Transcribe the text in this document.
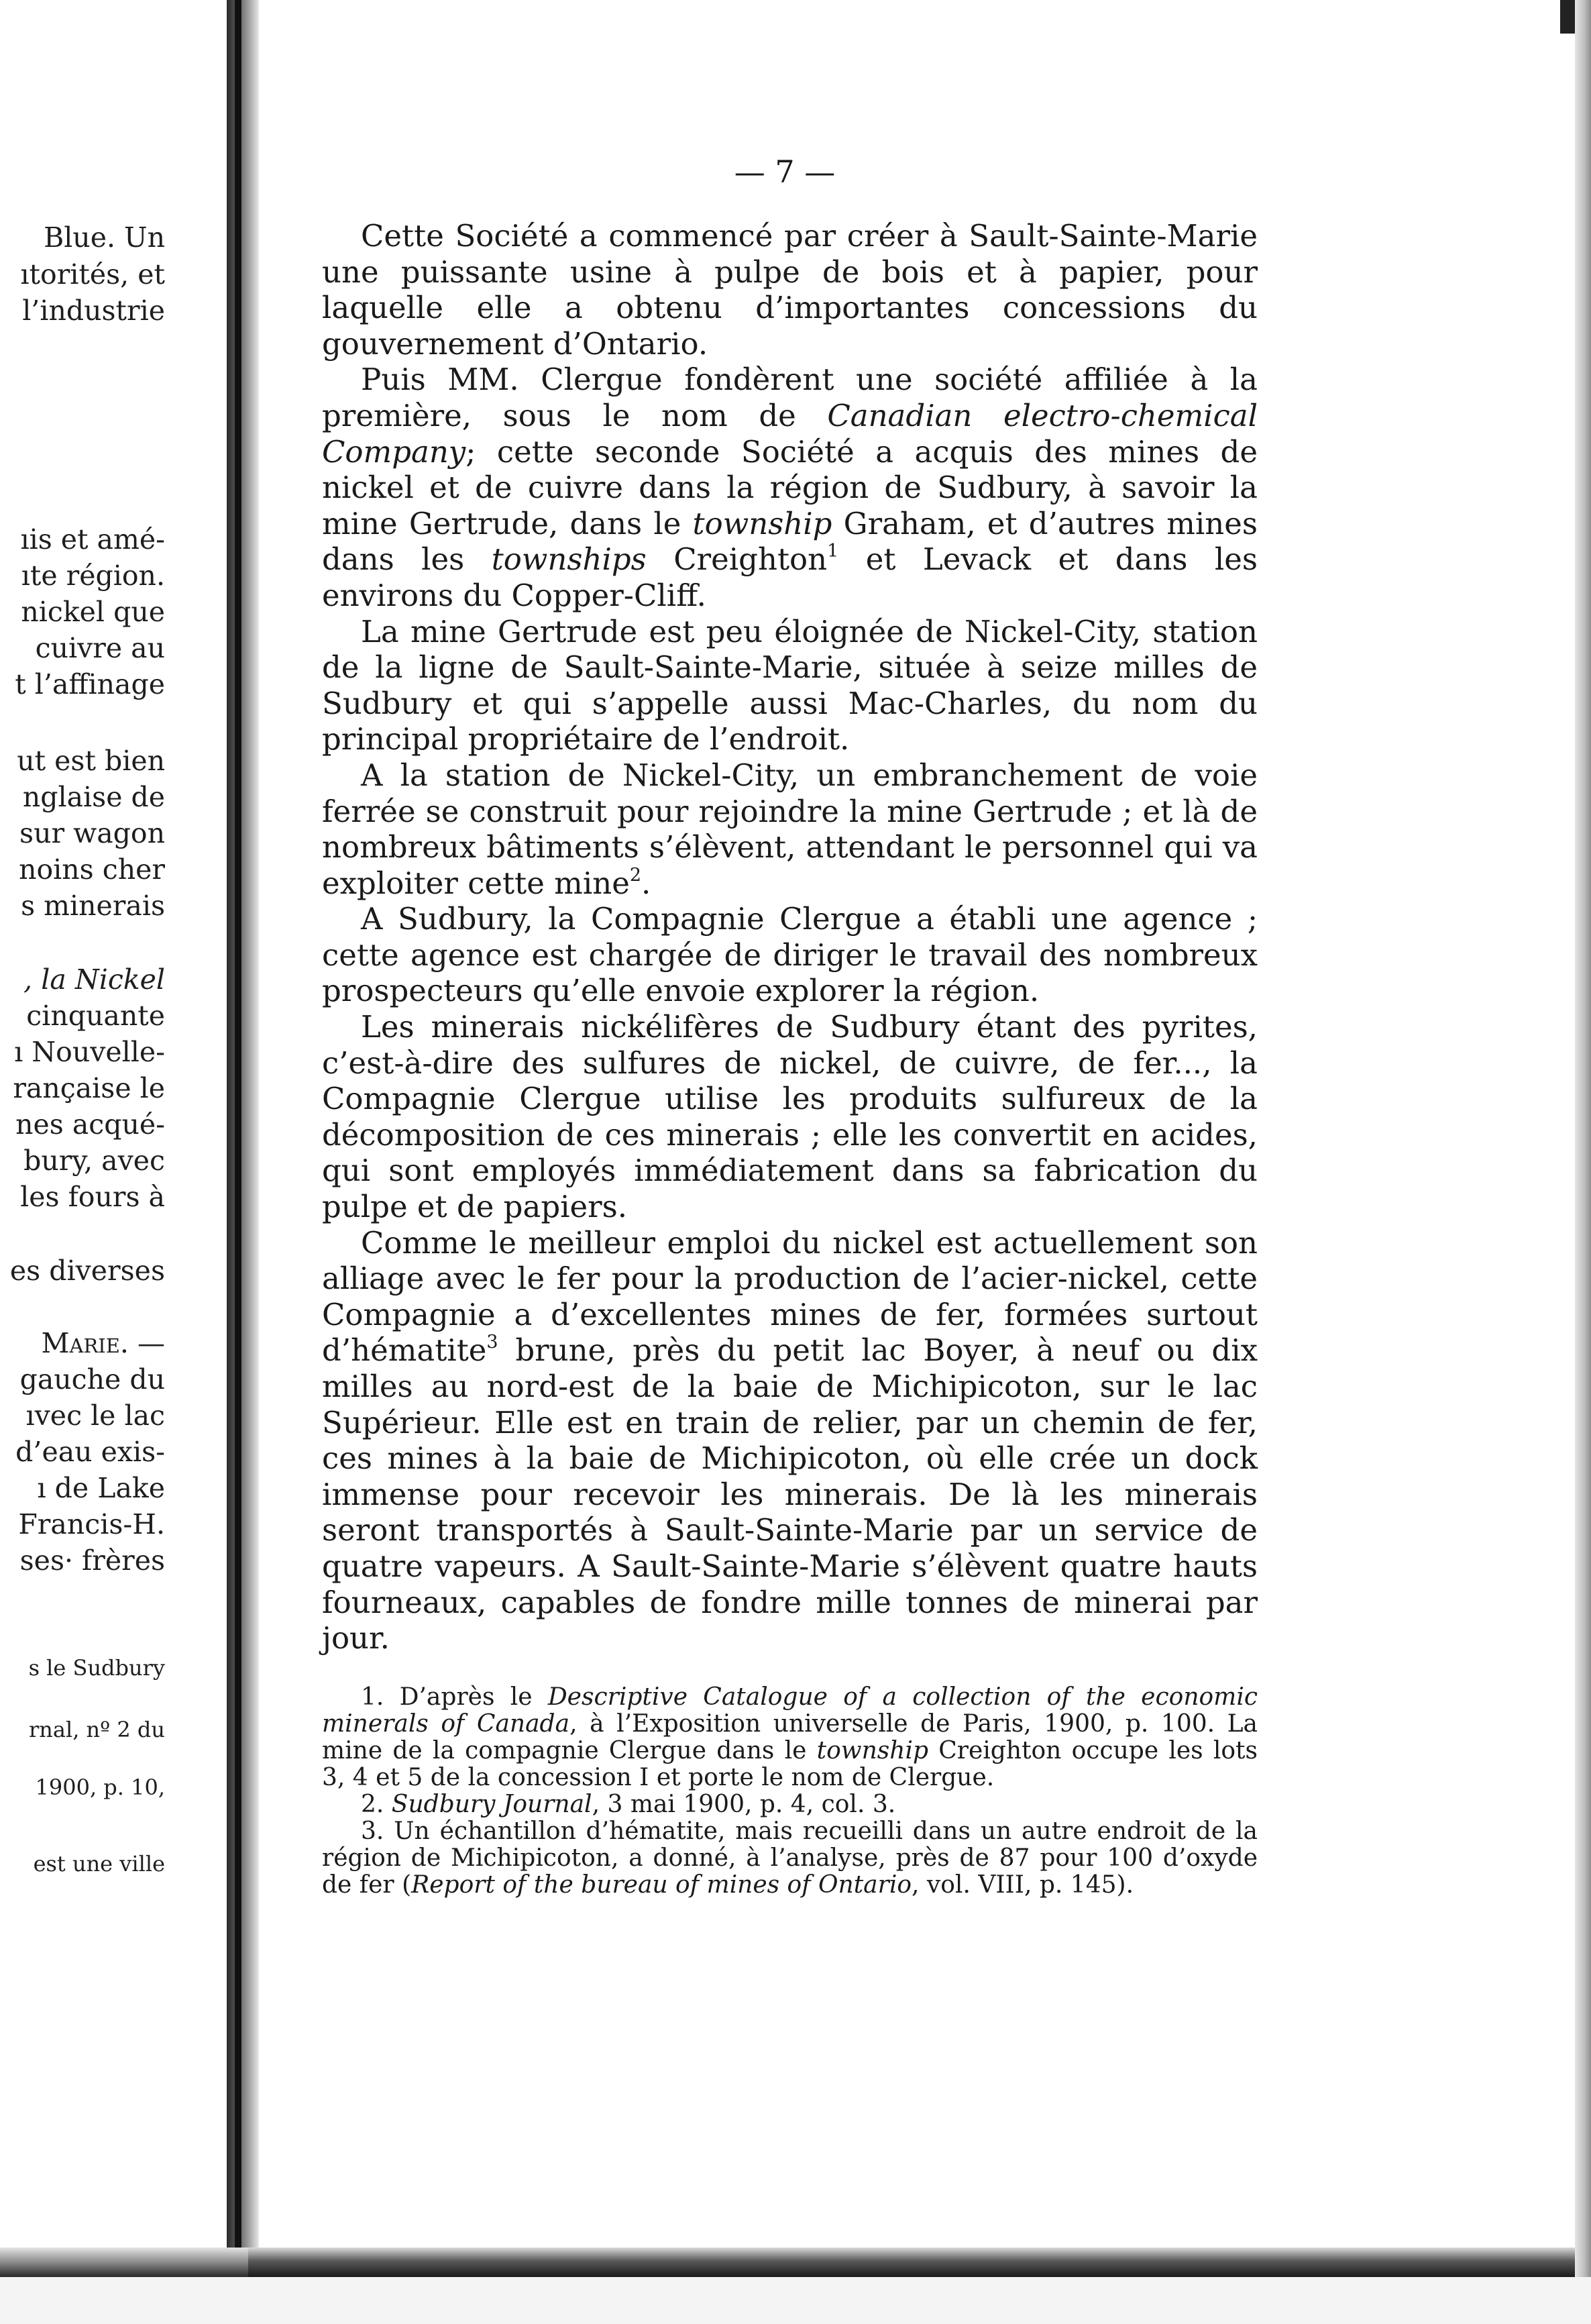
Blue. Un
ıtorités, et
l’industrie
ıis et amé-
ıte région.
nickel que
cuivre au
t l’affinage
ut est bien
nglaise de
sur wagon
noins cher
s minerais
, la Nickel
cinquante
ı Nouvelle-
rançaise le
nes acqué-
bury, avec
les fours à
es diverses
Marie. —
gauche du
ıvec le lac
d’eau exis-
ı de Lake
Francis-H.
ses· frères
s le Sudbury
rnal, nº 2 du
1900, p. 10,
est une ville
— 7 —

Cette Société a commencé par créer à Sault-Sainte-Marie une puissante usine à pulpe de bois et à papier, pour laquelle elle a obtenu d’importantes concessions du gouvernement d’Ontario.

Puis MM. Clergue fondèrent une société affiliée à la première, sous le nom de Canadian electro-chemical Company; cette seconde Société a acquis des mines de nickel et de cuivre dans la région de Sudbury, à savoir la mine Gertrude, dans le township Graham, et d’autres mines dans les townships Creighton$^1$ et Levack et dans les environs du Copper-Cliff.

La mine Gertrude est peu éloignée de Nickel-City, station de la ligne de Sault-Sainte-Marie, située à seize milles de Sudbury et qui s’appelle aussi Mac-Charles, du nom du principal propriétaire de l’endroit.

A la station de Nickel-City, un embranchement de voie ferrée se construit pour rejoindre la mine Gertrude ; et là de nombreux bâtiments s’élèvent, attendant le personnel qui va exploiter cette mine$^2$.

A Sudbury, la Compagnie Clergue a établi une agence ; cette agence est chargée de diriger le travail des nombreux prospecteurs qu’elle envoie explorer la région.

Les minerais nickélifères de Sudbury étant des pyrites, c’est-à-dire des sulfures de nickel, de cuivre, de fer..., la Compagnie Clergue utilise les produits sulfureux de la décomposition de ces minerais ; elle les convertit en acides, qui sont employés immédiatement dans sa fabrication du pulpe et de papiers.

Comme le meilleur emploi du nickel est actuellement son alliage avec le fer pour la production de l’acier-nickel, cette Compagnie a d’excellentes mines de fer, formées surtout d’hématite$^3$ brune, près du petit lac Boyer, à neuf ou dix milles au nord-est de la baie de Michipicoton, sur le lac Supérieur. Elle est en train de relier, par un chemin de fer, ces mines à la baie de Michipicoton, où elle crée un dock immense pour recevoir les minerais. De là les minerais seront transportés à Sault-Sainte-Marie par un service de quatre vapeurs. A Sault-Sainte-Marie s’élèvent quatre hauts fourneaux, capables de fondre mille tonnes de minerai par jour.

1. D’après le Descriptive Catalogue of a collection of the economic minerals of Canada, à l’Exposition universelle de Paris, 1900, p. 100. La mine de la compagnie Clergue dans le township Creighton occupe les lots 3, 4 et 5 de la concession I et porte le nom de Clergue.

2. Sudbury Journal, 3 mai 1900, p. 4, col. 3.

3. Un échantillon d’hématite, mais recueilli dans un autre endroit de la région de Michipicoton, a donné, à l’analyse, près de 87 pour 100 d’oxyde de fer (Report of the bureau of mines of Ontario, vol. VIII, p. 145).
